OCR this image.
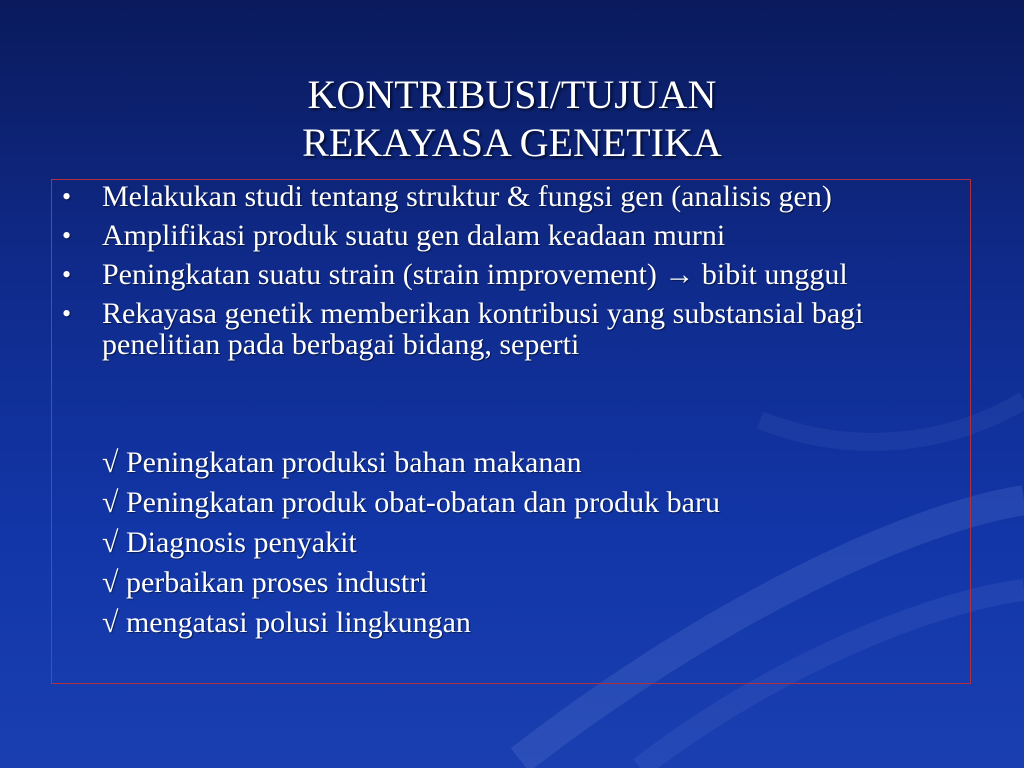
KONTRIBUSI/TUJUAN
REKAYASA GENETIKA
• Melakukan studi tentang struktur & fungsi gen (analisis gen)
• Amplifikasi produk suatu gen dalam keadaan murni
• Peningkatan suatu strain (strain improvement) → bibit unggul
• Rekayasa genetik memberikan kontribusi yang substansial bagi penelitian pada berbagai bidang, seperti
√ Peningkatan produksi bahan makanan
√ Peningkatan produk obat-obatan dan produk baru
√ Diagnosis penyakit
√ perbaikan proses industri
√ mengatasi polusi lingkungan
